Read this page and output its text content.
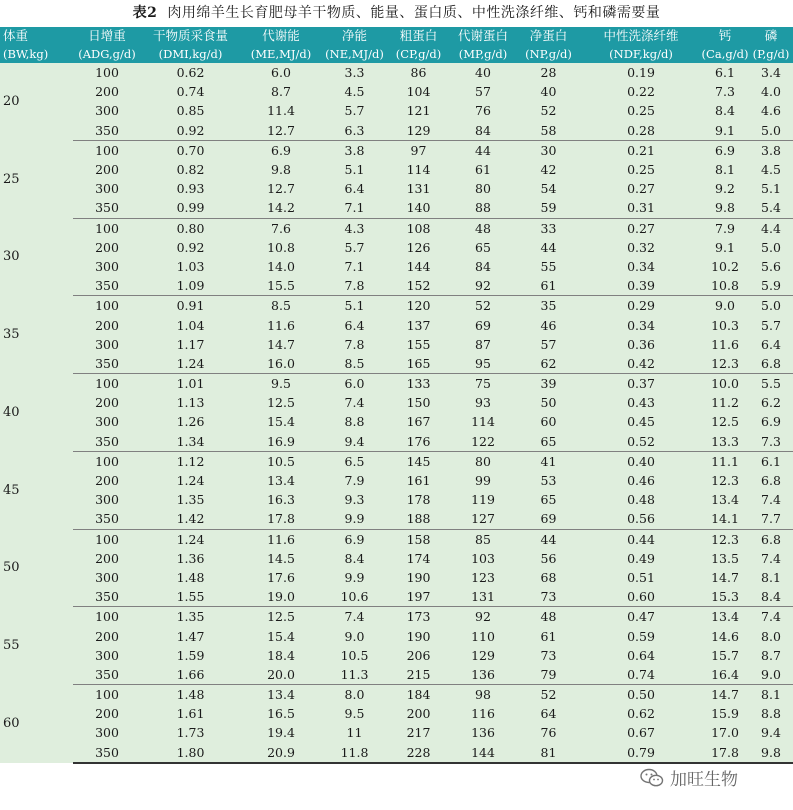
表2 肉用绵羊生长育肥母羊干物质、能量、蛋白质、中性洗涤纤维、钙和磷需要量
体重	日增重	干物质采食量	代谢能	净能	粗蛋白	代谢蛋白	净蛋白	中性洗涤纤维	钙	磷
(BW,kg)	(ADG,g/d)	(DMI,kg/d)	(ME,MJ/d)	(NE,MJ/d)	(CP,g/d)	(MP,g/d)	(NP,g/d)	(NDF,kg/d)	(Ca,g/d)	(P,g/d)
20	100	0.62	6.0	3.3	86	40	28	0.19	6.1	3.4
	200	0.74	8.7	4.5	104	57	40	0.22	7.3	4.0
	300	0.85	11.4	5.7	121	76	52	0.25	8.4	4.6
	350	0.92	12.7	6.3	129	84	58	0.28	9.1	5.0
25	100	0.70	6.9	3.8	97	44	30	0.21	6.9	3.8
	200	0.82	9.8	5.1	114	61	42	0.25	8.1	4.5
	300	0.93	12.7	6.4	131	80	54	0.27	9.2	5.1
	350	0.99	14.2	7.1	140	88	59	0.31	9.8	5.4
30	100	0.80	7.6	4.3	108	48	33	0.27	7.9	4.4
	200	0.92	10.8	5.7	126	65	44	0.32	9.1	5.0
	300	1.03	14.0	7.1	144	84	55	0.34	10.2	5.6
	350	1.09	15.5	7.8	152	92	61	0.39	10.8	5.9
35	100	0.91	8.5	5.1	120	52	35	0.29	9.0	5.0
	200	1.04	11.6	6.4	137	69	46	0.34	10.3	5.7
	300	1.17	14.7	7.8	155	87	57	0.36	11.6	6.4
	350	1.24	16.0	8.5	165	95	62	0.42	12.3	6.8
40	100	1.01	9.5	6.0	133	75	39	0.37	10.0	5.5
	200	1.13	12.5	7.4	150	93	50	0.43	11.2	6.2
	300	1.26	15.4	8.8	167	114	60	0.45	12.5	6.9
	350	1.34	16.9	9.4	176	122	65	0.52	13.3	7.3
45	100	1.12	10.5	6.5	145	80	41	0.40	11.1	6.1
	200	1.24	13.4	7.9	161	99	53	0.46	12.3	6.8
	300	1.35	16.3	9.3	178	119	65	0.48	13.4	7.4
	350	1.42	17.8	9.9	188	127	69	0.56	14.1	7.7
50	100	1.24	11.6	6.9	158	85	44	0.44	12.3	6.8
	200	1.36	14.5	8.4	174	103	56	0.49	13.5	7.4
	300	1.48	17.6	9.9	190	123	68	0.51	14.7	8.1
	350	1.55	19.0	10.6	197	131	73	0.60	15.3	8.4
55	100	1.35	12.5	7.4	173	92	48	0.47	13.4	7.4
	200	1.47	15.4	9.0	190	110	61	0.59	14.6	8.0
	300	1.59	18.4	10.5	206	129	73	0.64	15.7	8.7
	350	1.66	20.0	11.3	215	136	79	0.74	16.4	9.0
60	100	1.48	13.4	8.0	184	98	52	0.50	14.7	8.1
	200	1.61	16.5	9.5	200	116	64	0.62	15.9	8.8
	300	1.73	19.4	11	217	136	76	0.67	17.0	9.4
	350	1.80	20.9	11.8	228	144	81	0.79	17.8	9.8
加旺生物
